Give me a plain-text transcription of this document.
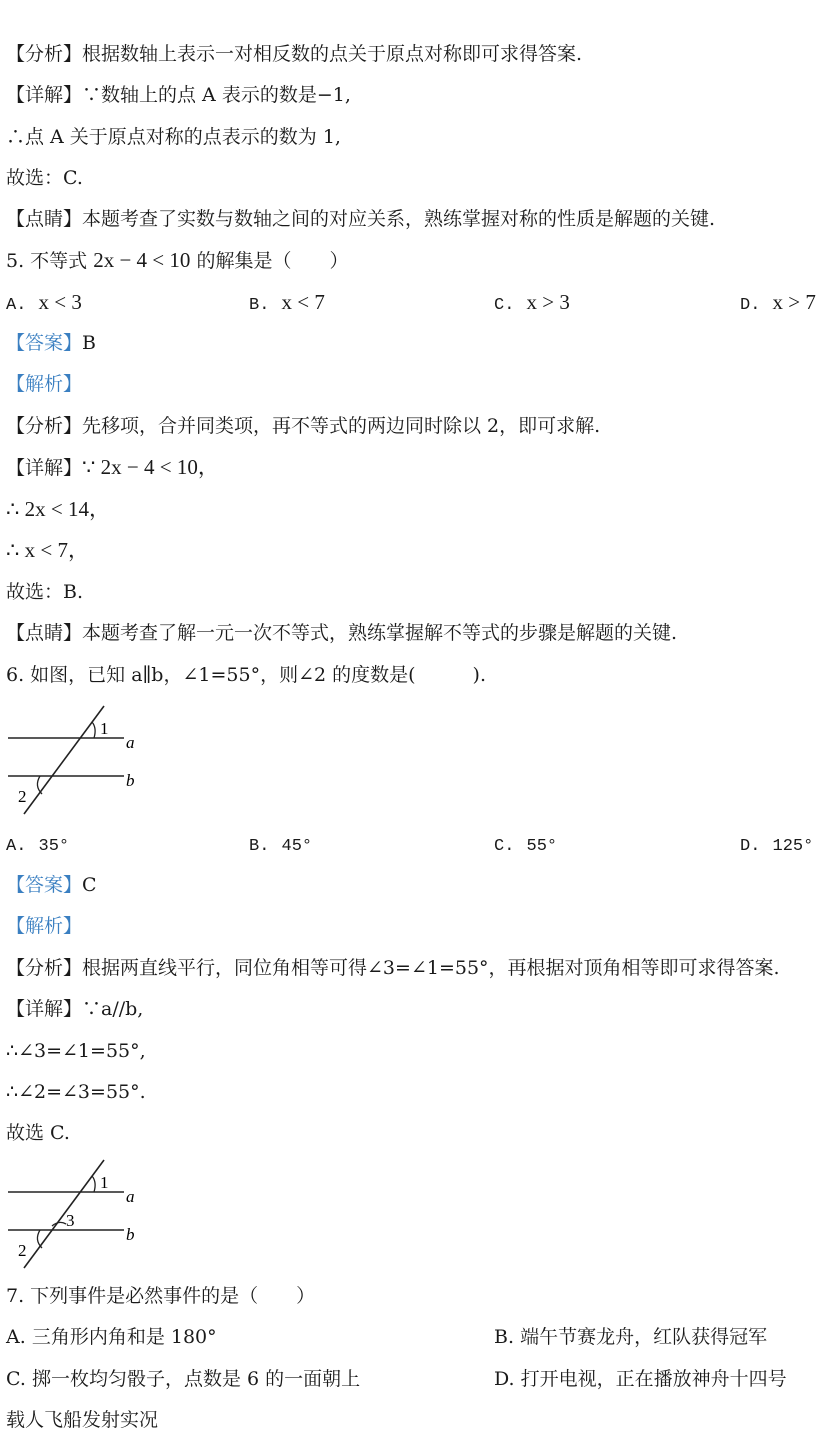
【分析】根据数轴上表示一对相反数的点关于原点对称即可求得答案.
【详解】∵数轴上的点 A 表示的数是−1,
∴点 A 关于原点对称的点表示的数为 1,
故选：C.
【点睛】本题考查了实数与数轴之间的对应关系，熟练掌握对称的性质是解题的关键.
5. 不等式 2x − 4 < 10 的解集是（　　）
A. x < 3	B. x < 7	C. x > 3	D. x > 7
【答案】B
【解析】
【分析】先移项，合并同类项，再不等式的两边同时除以 2，即可求解.
【详解】∵ 2x − 4 < 10，
∴ 2x < 14，
∴ x < 7，
故选：B.
【点睛】本题考查了解一元一次不等式，熟练掌握解不等式的步骤是解题的关键.
6. 如图，已知 a∥b，∠1=55°，则∠2 的度数是(　　　).
1
2
a
b
A. 35°	B. 45°	C. 55°	D. 125°
【答案】C
【解析】
【分析】根据两直线平行，同位角相等可得∠3=∠1=55°，再根据对顶角相等即可求得答案.
【详解】∵a//b,
∴∠3=∠1=55°,
∴∠2=∠3=55°.
故选 C.
1
3
2
a
b
7. 下列事件是必然事件的是（　　）
A. 三角形内角和是 180°	B. 端午节赛龙舟，红队获得冠军
C. 掷一枚均匀骰子，点数是 6 的一面朝上	D. 打开电视，正在播放神舟十四号
载人飞船发射实况
